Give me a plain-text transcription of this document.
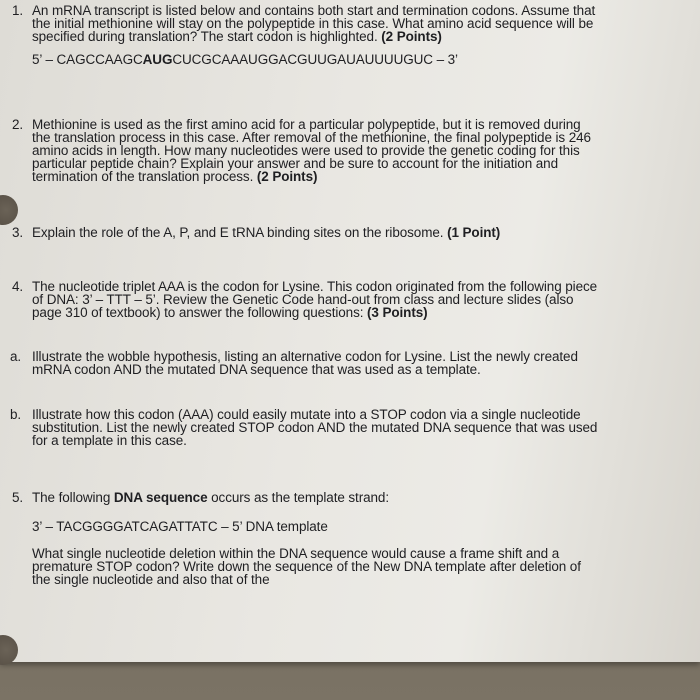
1. An mRNA transcript is listed below and contains both start and termination codons. Assume that the initial methionine will stay on the polypeptide in this case. What amino acid sequence will be specified during translation? The start codon is highlighted. (2 Points)

5’ – CAGCCAAGCAUGCUCGCAAAUGGACGUUGAUAUUUUGUC – 3’

2. Methionine is used as the first amino acid for a particular polypeptide, but it is removed during the translation process in this case. After removal of the methionine, the final polypeptide is 246 amino acids in length. How many nucleotides were used to provide the genetic coding for this particular peptide chain? Explain your answer and be sure to account for the initiation and termination of the translation process. (2 Points)

3. Explain the role of the A, P, and E tRNA binding sites on the ribosome. (1 Point)

4. The nucleotide triplet AAA is the codon for Lysine. This codon originated from the following piece of DNA: 3’ – TTT – 5’. Review the Genetic Code hand-out from class and lecture slides (also page 310 of textbook) to answer the following questions: (3 Points)

a. Illustrate the wobble hypothesis, listing an alternative codon for Lysine. List the newly created mRNA codon AND the mutated DNA sequence that was used as a template.

b. Illustrate how this codon (AAA) could easily mutate into a STOP codon via a single nucleotide substitution. List the newly created STOP codon AND the mutated DNA sequence that was used for a template in this case.

5. The following DNA sequence occurs as the template strand:

3’ – TACGGGGATCAGATTATC – 5’ DNA template

What single nucleotide deletion within the DNA sequence would cause a frame shift and a premature STOP codon? Write down the sequence of the New DNA template after deletion of the single nucleotide and also that of the
